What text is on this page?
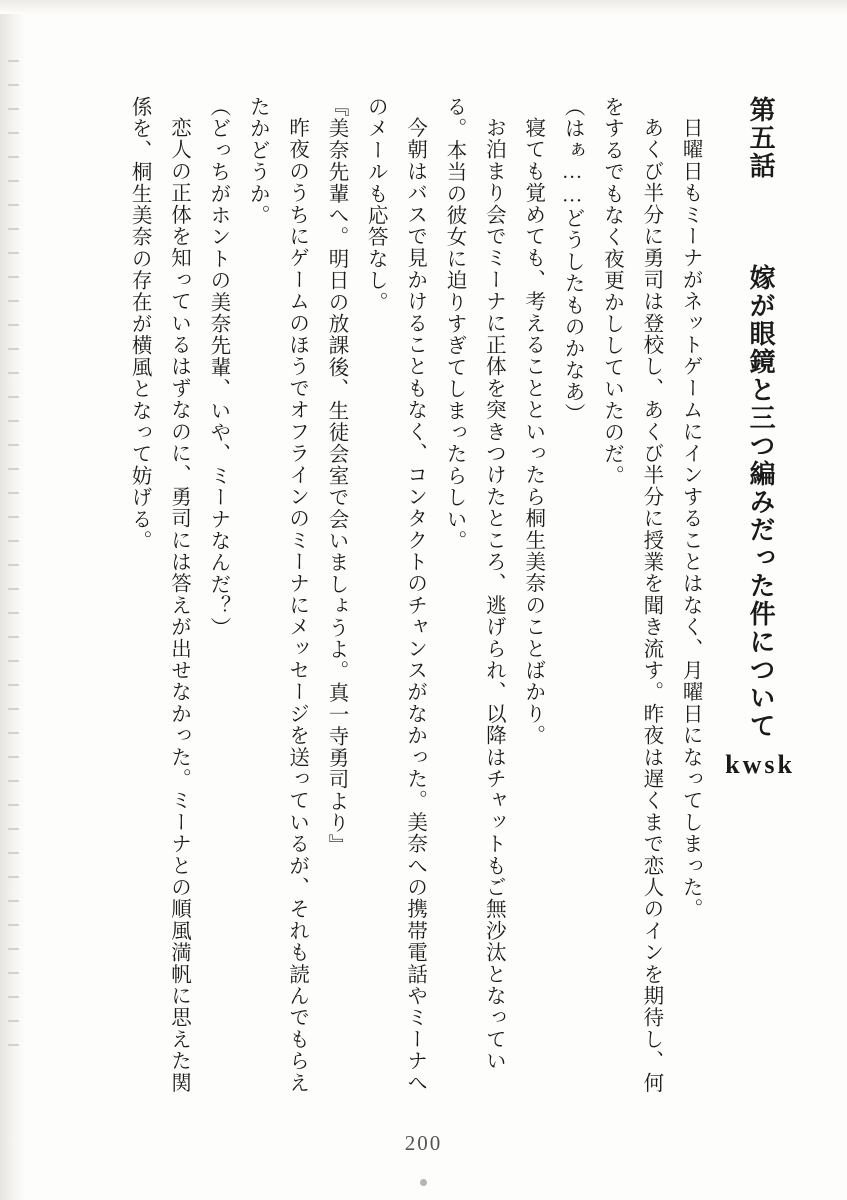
第五話  嫁が眼鏡と三つ編みだった件についてkwsk

日曜日もミーナがネットゲームにインすることはなく、月曜日になってしまった。

あくび半分に勇司は登校し、あくび半分に授業を聞き流す。昨夜は遅くまで恋人のインを期待し、何をするでもなく夜更かししていたのだ。

（はぁ……どうしたものかなあ）

寝ても覚めても、考えることといったら桐生美奈のことばかり。

お泊まり会でミーナに正体を突きつけたところ、逃げられ、以降はチャットもご無沙汰となっている。本当の彼女に迫りすぎてしまったらしい。

今朝はバスで見かけることもなく、コンタクトのチャンスがなかった。美奈への携帯電話やミーナへのメールも応答なし。

『美奈先輩へ。明日の放課後、生徒会室で会いましょうよ。真一寺勇司より』

昨夜のうちにゲームのほうでオフラインのミーナにメッセージを送っているが、それも読んでもらえたかどうか。

（どっちがホントの美奈先輩、いや、ミーナなんだ？）

恋人の正体を知っているはずなのに、勇司には答えが出せなかった。ミーナとの順風満帆に思えた関係を、桐生美奈の存在が横風となって妨げる。

200
